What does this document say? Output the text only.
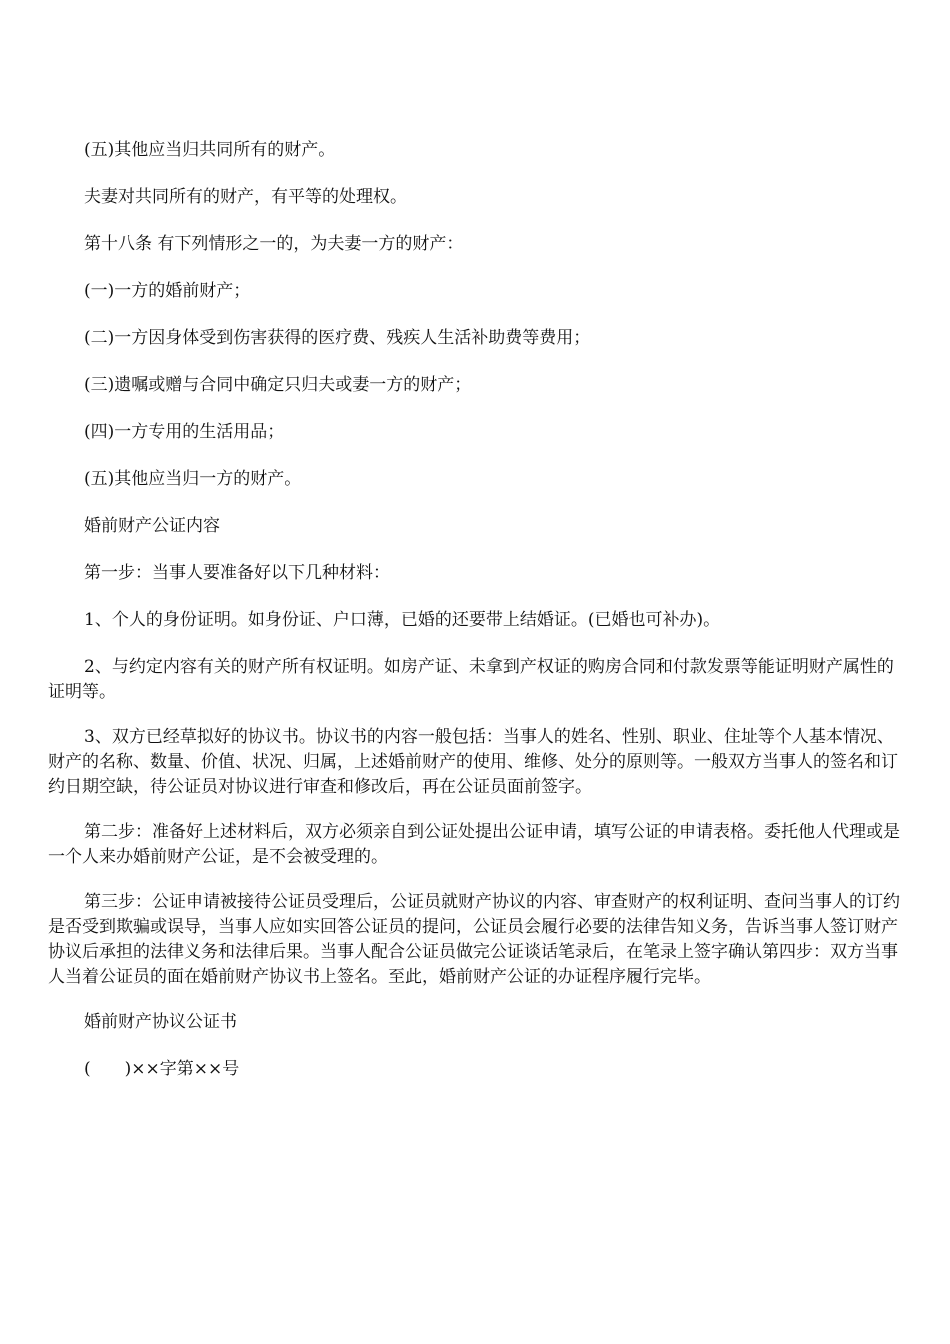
(五)其他应当归共同所有的财产。

夫妻对共同所有的财产，有平等的处理权。

第十八条 有下列情形之一的，为夫妻一方的财产：

(一)一方的婚前财产；

(二)一方因身体受到伤害获得的医疗费、残疾人生活补助费等费用；

(三)遗嘱或赠与合同中确定只归夫或妻一方的财产；

(四)一方专用的生活用品；

(五)其他应当归一方的财产。

婚前财产公证内容

第一步：当事人要准备好以下几种材料：

1、个人的身份证明。如身份证、户口薄，已婚的还要带上结婚证。(已婚也可补办)。

2、与约定内容有关的财产所有权证明。如房产证、未拿到产权证的购房合同和付款发票等能证明财产属性的证明等。

3、双方已经草拟好的协议书。协议书的内容一般包括：当事人的姓名、性别、职业、住址等个人基本情况、财产的名称、数量、价值、状况、归属，上述婚前财产的使用、维修、处分的原则等。一般双方当事人的签名和订约日期空缺，待公证员对协议进行审查和修改后，再在公证员面前签字。

第二步：准备好上述材料后，双方必须亲自到公证处提出公证申请，填写公证的申请表格。委托他人代理或是一个人来办婚前财产公证，是不会被受理的。

第三步：公证申请被接待公证员受理后，公证员就财产协议的内容、审查财产的权利证明、查问当事人的订约是否受到欺骗或误导，当事人应如实回答公证员的提问，公证员会履行必要的法律告知义务，告诉当事人签订财产协议后承担的法律义务和法律后果。当事人配合公证员做完公证谈话笔录后，在笔录上签字确认第四步：双方当事人当着公证员的面在婚前财产协议书上签名。至此，婚前财产公证的办证程序履行完毕。

婚前财产协议公证书

(　　)××字第××号
